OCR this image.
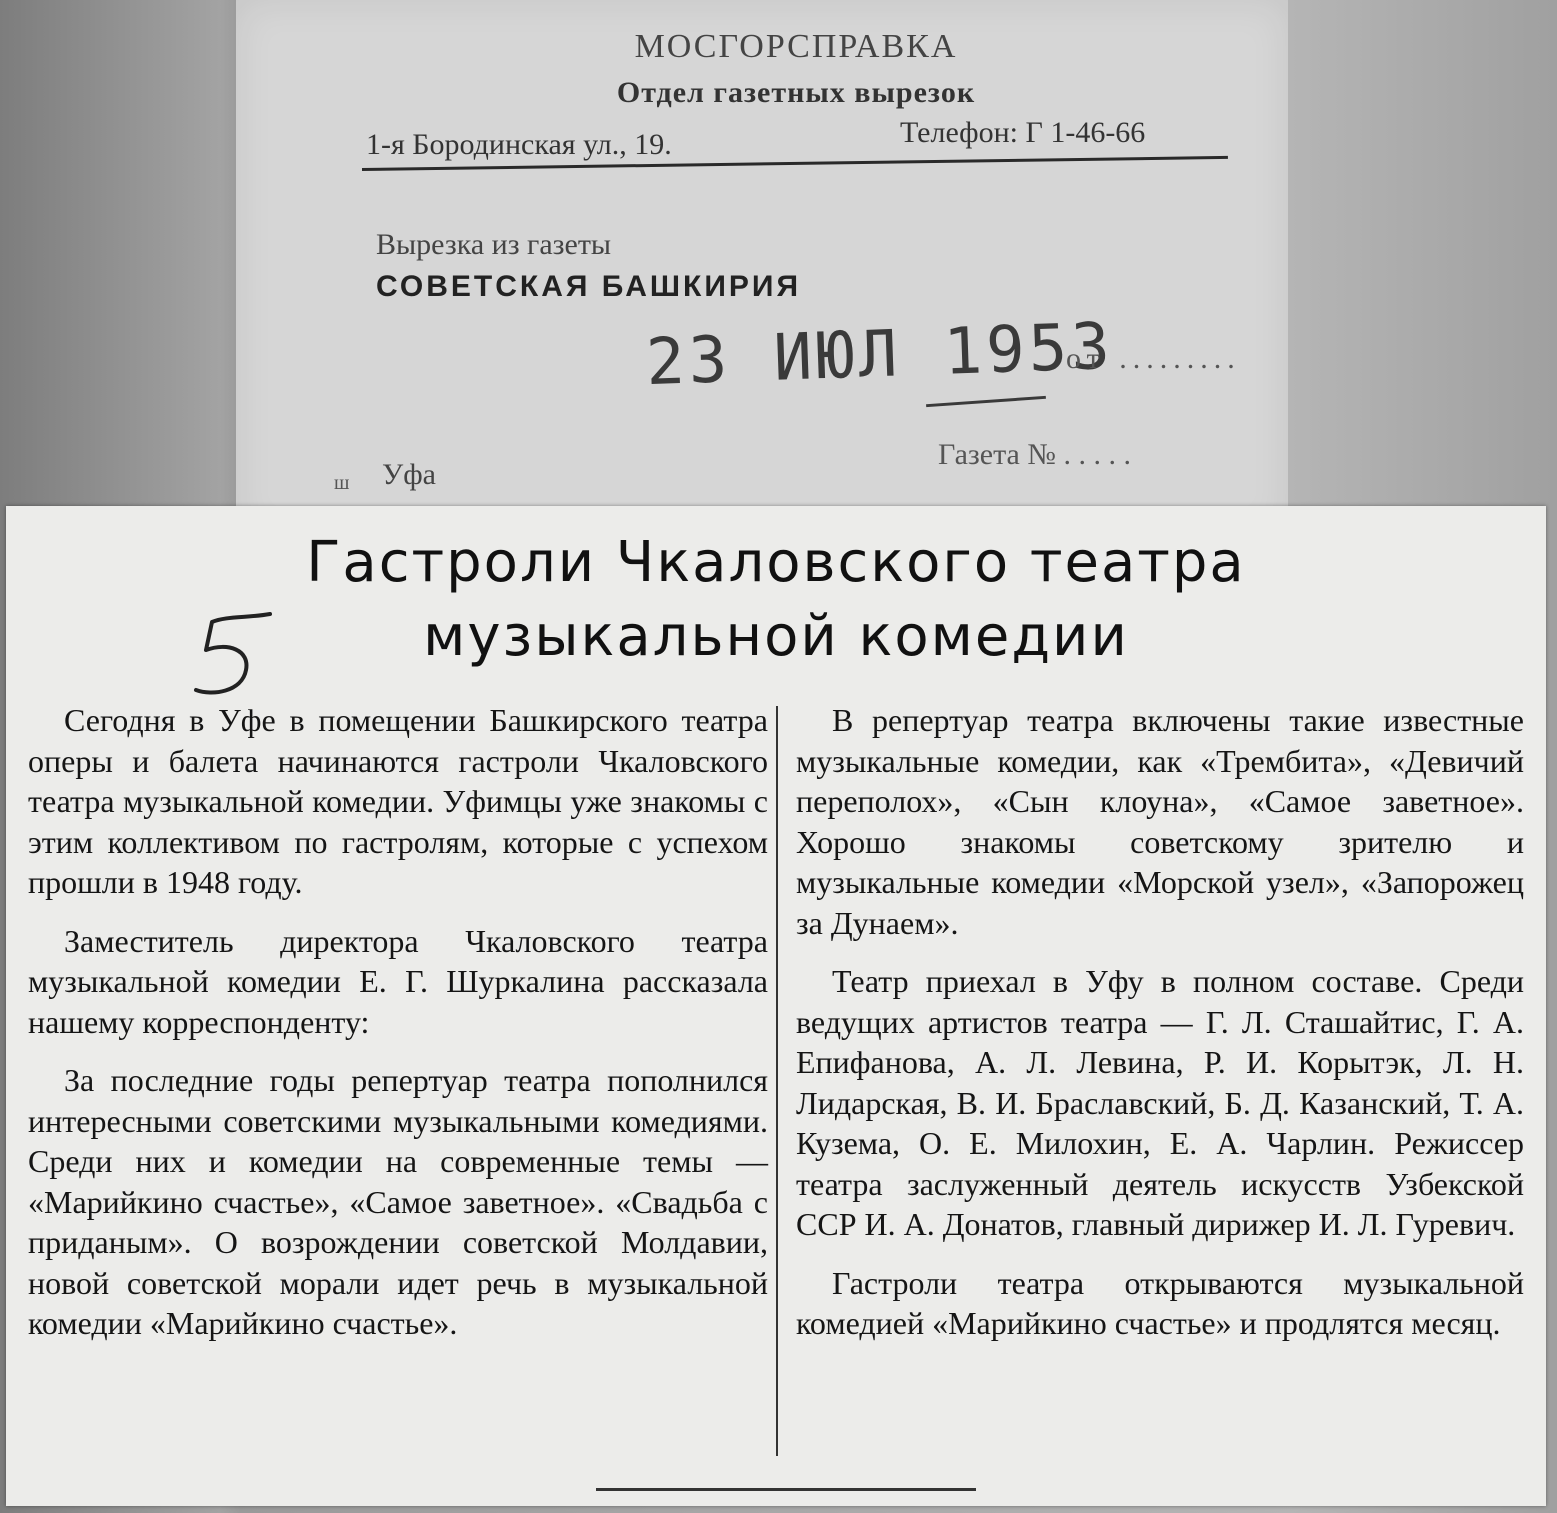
МОСГОРСПРАВКА
Отдел газетных вырезок
1-я Бородинская ул., 19.	Телефон: Г 1-46-66
Вырезка из газеты
СОВЕТСКАЯ БАШКИРИЯ
23 ИЮЛ 1953
от .........
ш Уфа
Газета № . . . . .
Гастроли Чкаловского театра
музыкальной комедии

Сегодня в Уфе в помещении Башкирского театра оперы и балета начинаются гастроли Чкаловского театра музыкальной комедии. Уфимцы уже знакомы с этим коллективом по гастролям, которые с успехом прошли в 1948 году.

Заместитель директора Чкаловского театра музыкальной комедии Е. Г. Шуркалина рассказала нашему корреспонденту:

За последние годы репертуар театра пополнился интересными советскими музыкальными комедиями. Среди них и комедии на современные темы — «Марийкино счастье», «Самое заветное». «Свадьба с приданым». О возрождении советской Молдавии, новой советской морали идет речь в музыкальной комедии «Марийкино счастье».

В репертуар театра включены такие известные музыкальные комедии, как «Трембита», «Девичий переполох», «Сын клоуна», «Самое заветное». Хорошо знакомы советскому зрителю и музыкальные комедии «Морской узел», «Запорожец за Дунаем».

Театр приехал в Уфу в полном составе. Среди ведущих артистов театра — Г. Л. Сташайтис, Г. А. Епифанова, А. Л. Левина, Р. И. Корытэк, Л. Н. Лидарская, В. И. Браславский, Б. Д. Казанский, Т. А. Кузема, О. Е. Милохин, Е. А. Чарлин. Режиссер театра заслуженный деятель искусств Узбекской ССР И. А. Донатов, главный дирижер И. Л. Гуревич.

Гастроли театра открываются музыкальной комедией «Марийкино счастье» и продлятся месяц.
